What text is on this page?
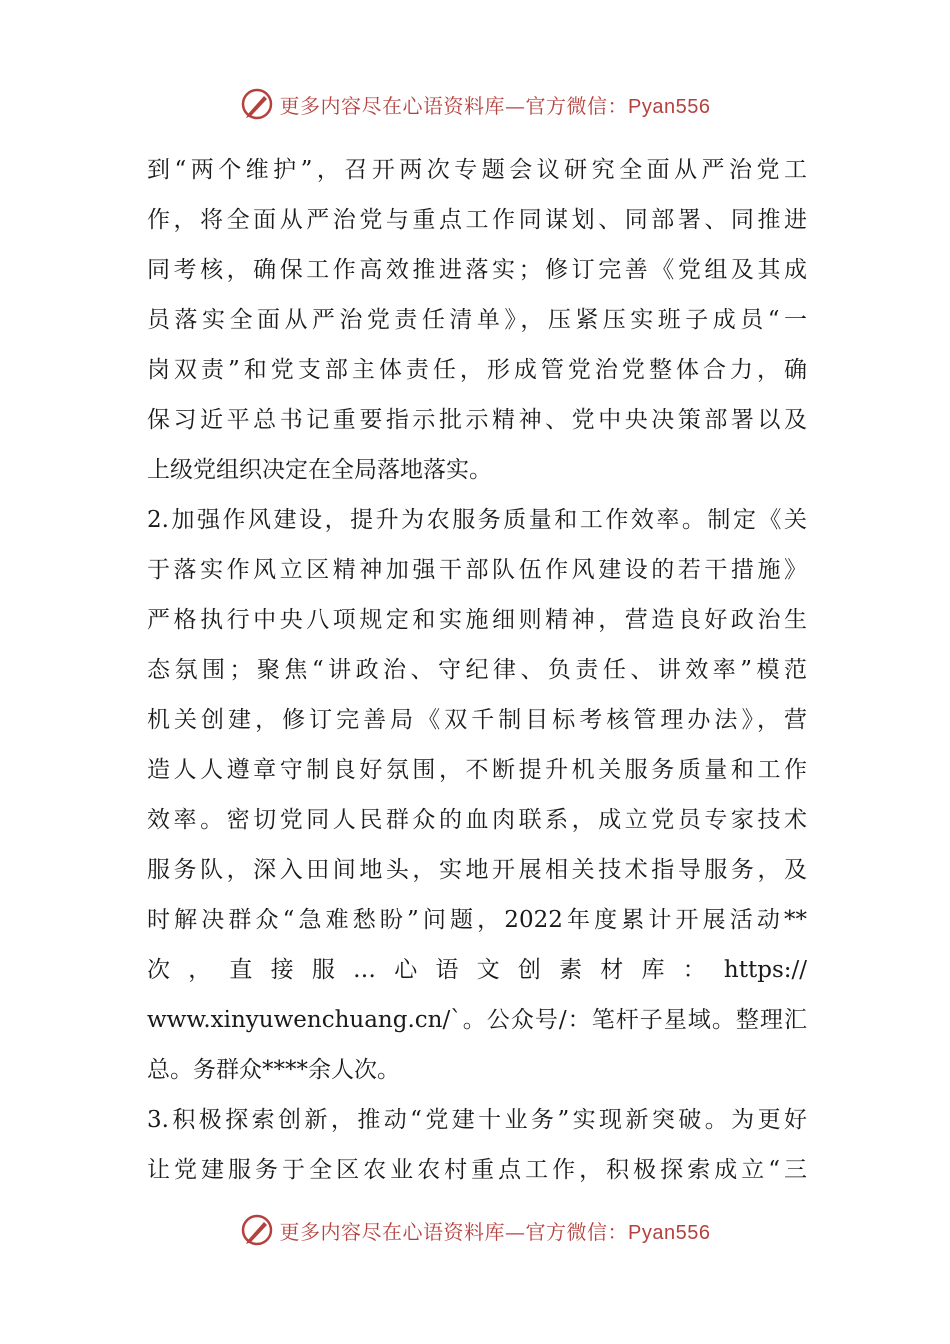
更多内容尽在心语资料库—官方微信：Pyan556
到“两个维护”，召开两次专题会议研究全面从严治党工
作，将全面从严治党与重点工作同谋划、同部署、同推进
同考核，确保工作高效推进落实；修订完善《党组及其成
员落实全面从严治党责任清单》，压紧压实班子成员“一
岗双责”和党支部主体责任，形成管党治党整体合力，确
保习近平总书记重要指示批示精神、党中央决策部署以及
上级党组织决定在全局落地落实。
2.加强作风建设，提升为农服务质量和工作效率。制定《关
于落实作风立区精神加强干部队伍作风建设的若干措施》
严格执行中央八项规定和实施细则精神，营造良好政治生
态氛围；聚焦“讲政治、守纪律、负责任、讲效率”模范
机关创建，修订完善局《双千制目标考核管理办法》，营
造人人遵章守制良好氛围，不断提升机关服务质量和工作
效率。密切党同人民群众的血肉联系，成立党员专家技术
服务队，深入田间地头，实地开展相关技术指导服务，及
时解决群众“急难愁盼”问题，2022年度累计开展活动**
次，直接服…心语文创素材库：https://
www.xinyuwenchuang.cn/`。公众号/：笔杆子星域。整理汇
总。务群众****余人次。
3.积极探索创新，推动“党建十业务”实现新突破。为更好
让党建服务于全区农业农村重点工作，积极探索成立“三
更多内容尽在心语资料库—官方微信：Pyan556
